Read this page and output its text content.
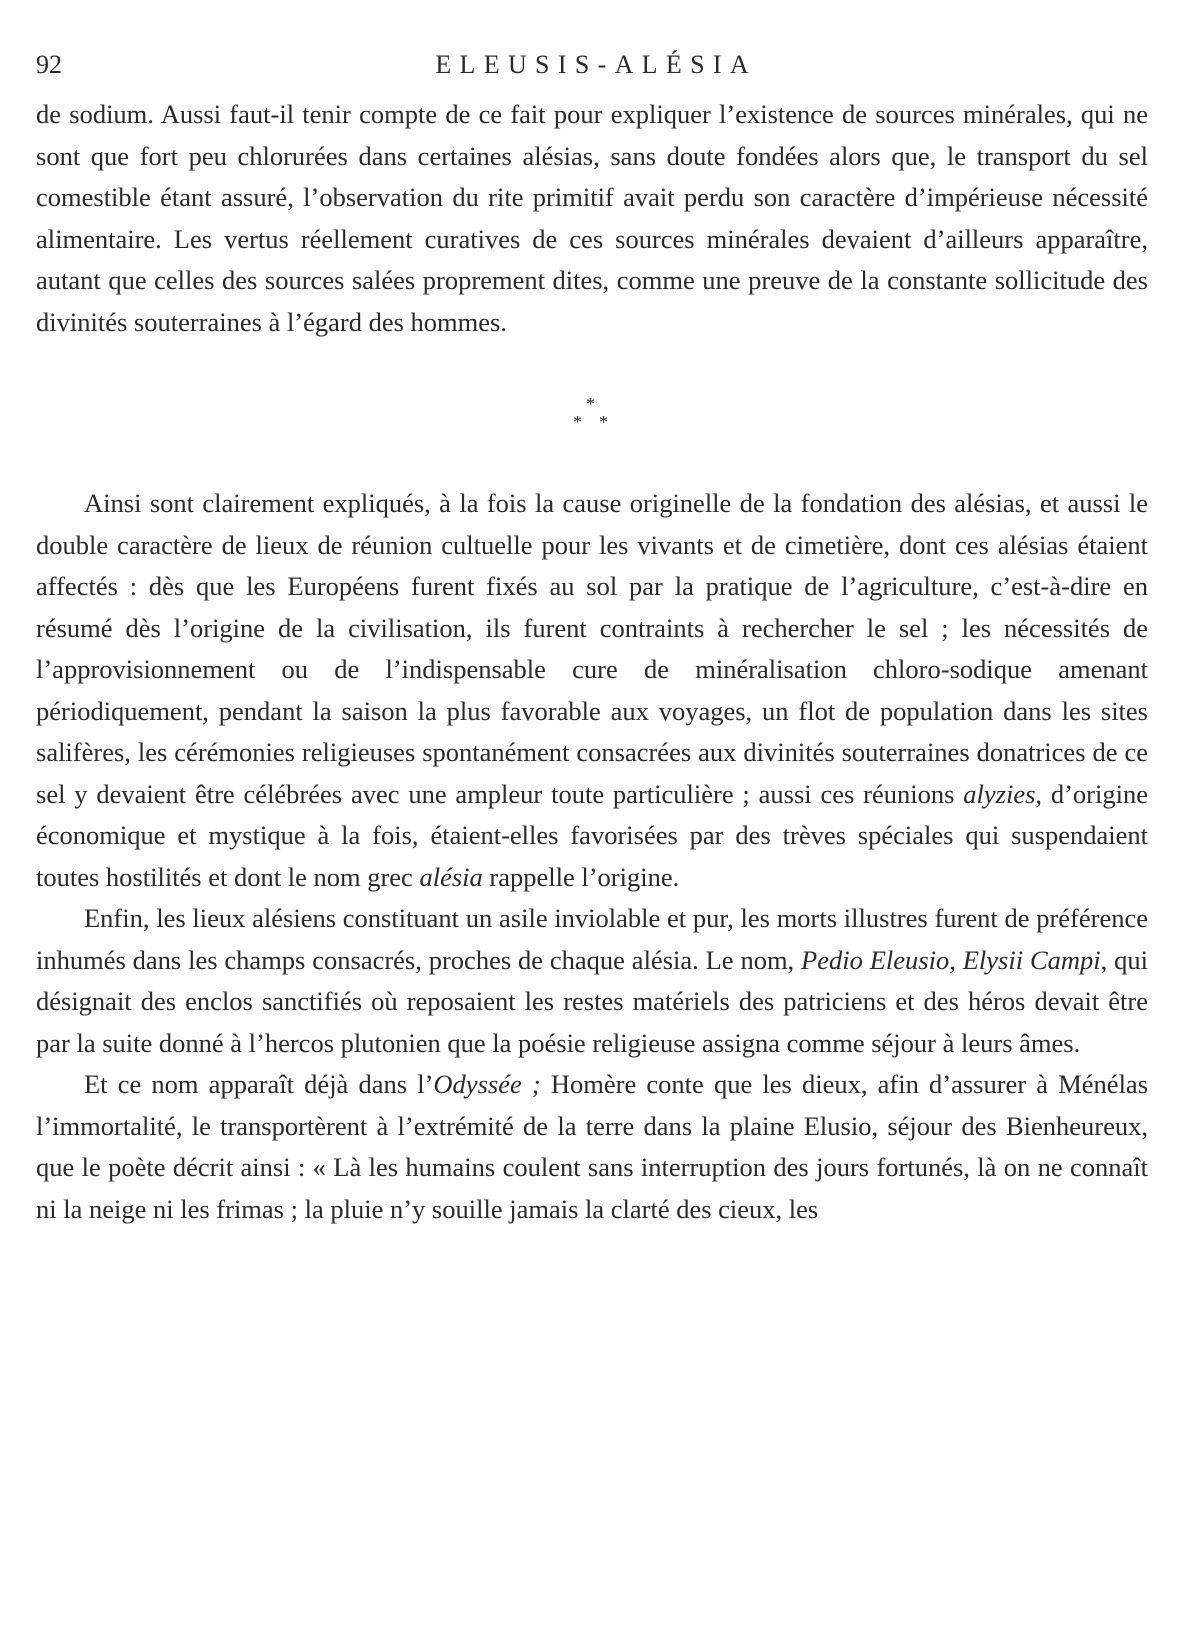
92	ELEUSIS-ALÉSIA

de sodium. Aussi faut-il tenir compte de ce fait pour expliquer l’existence de sources minérales, qui ne sont que fort peu chlorurées dans certaines alésias, sans doute fondées alors que, le transport du sel comestible étant assuré, l’observation du rite primitif avait perdu son caractère d’impérieuse nécessité alimentaire. Les vertus réellement curatives de ces sources minérales devaient d’ailleurs apparaître, autant que celles des sources salées proprement dites, comme une preuve de la constante sollicitude des divinités souterraines à l’égard des hommes.

*
* *

Ainsi sont clairement expliqués, à la fois la cause originelle de la fondation des alésias, et aussi le double caractère de lieux de réunion cultuelle pour les vivants et de cimetière, dont ces alésias étaient affectés : dès que les Européens furent fixés au sol par la pratique de l’agriculture, c’est-à-dire en résumé dès l’origine de la civilisation, ils furent contraints à rechercher le sel ; les nécessités de l’approvisionnement ou de l’indispensable cure de minéralisation chloro-sodique amenant périodiquement, pendant la saison la plus favorable aux voyages, un flot de population dans les sites salifères, les cérémonies religieuses spontanément consacrées aux divinités souterraines donatrices de ce sel y devaient être célébrées avec une ampleur toute particulière ; aussi ces réunions alyzies, d’origine économique et mystique à la fois, étaient-elles favorisées par des trèves spéciales qui suspendaient toutes hostilités et dont le nom grec alésia rappelle l’origine.

Enfin, les lieux alésiens constituant un asile inviolable et pur, les morts illustres furent de préférence inhumés dans les champs consacrés, proches de chaque alésia. Le nom, Pedio Eleusio, Elysii Campi, qui désignait des enclos sanctifiés où reposaient les restes matériels des patriciens et des héros devait être par la suite donné à l’hercos plutonien que la poésie religieuse assigna comme séjour à leurs âmes.

Et ce nom apparaît déjà dans l’Odyssée ; Homère conte que les dieux, afin d’assurer à Ménélas l’immortalité, le transportèrent à l’extrémité de la terre dans la plaine Elusio, séjour des Bienheureux, que le poète décrit ainsi : « Là les humains coulent sans interruption des jours fortunés, là on ne connaît ni la neige ni les frimas ; la pluie n’y souille jamais la clarté des cieux, les
